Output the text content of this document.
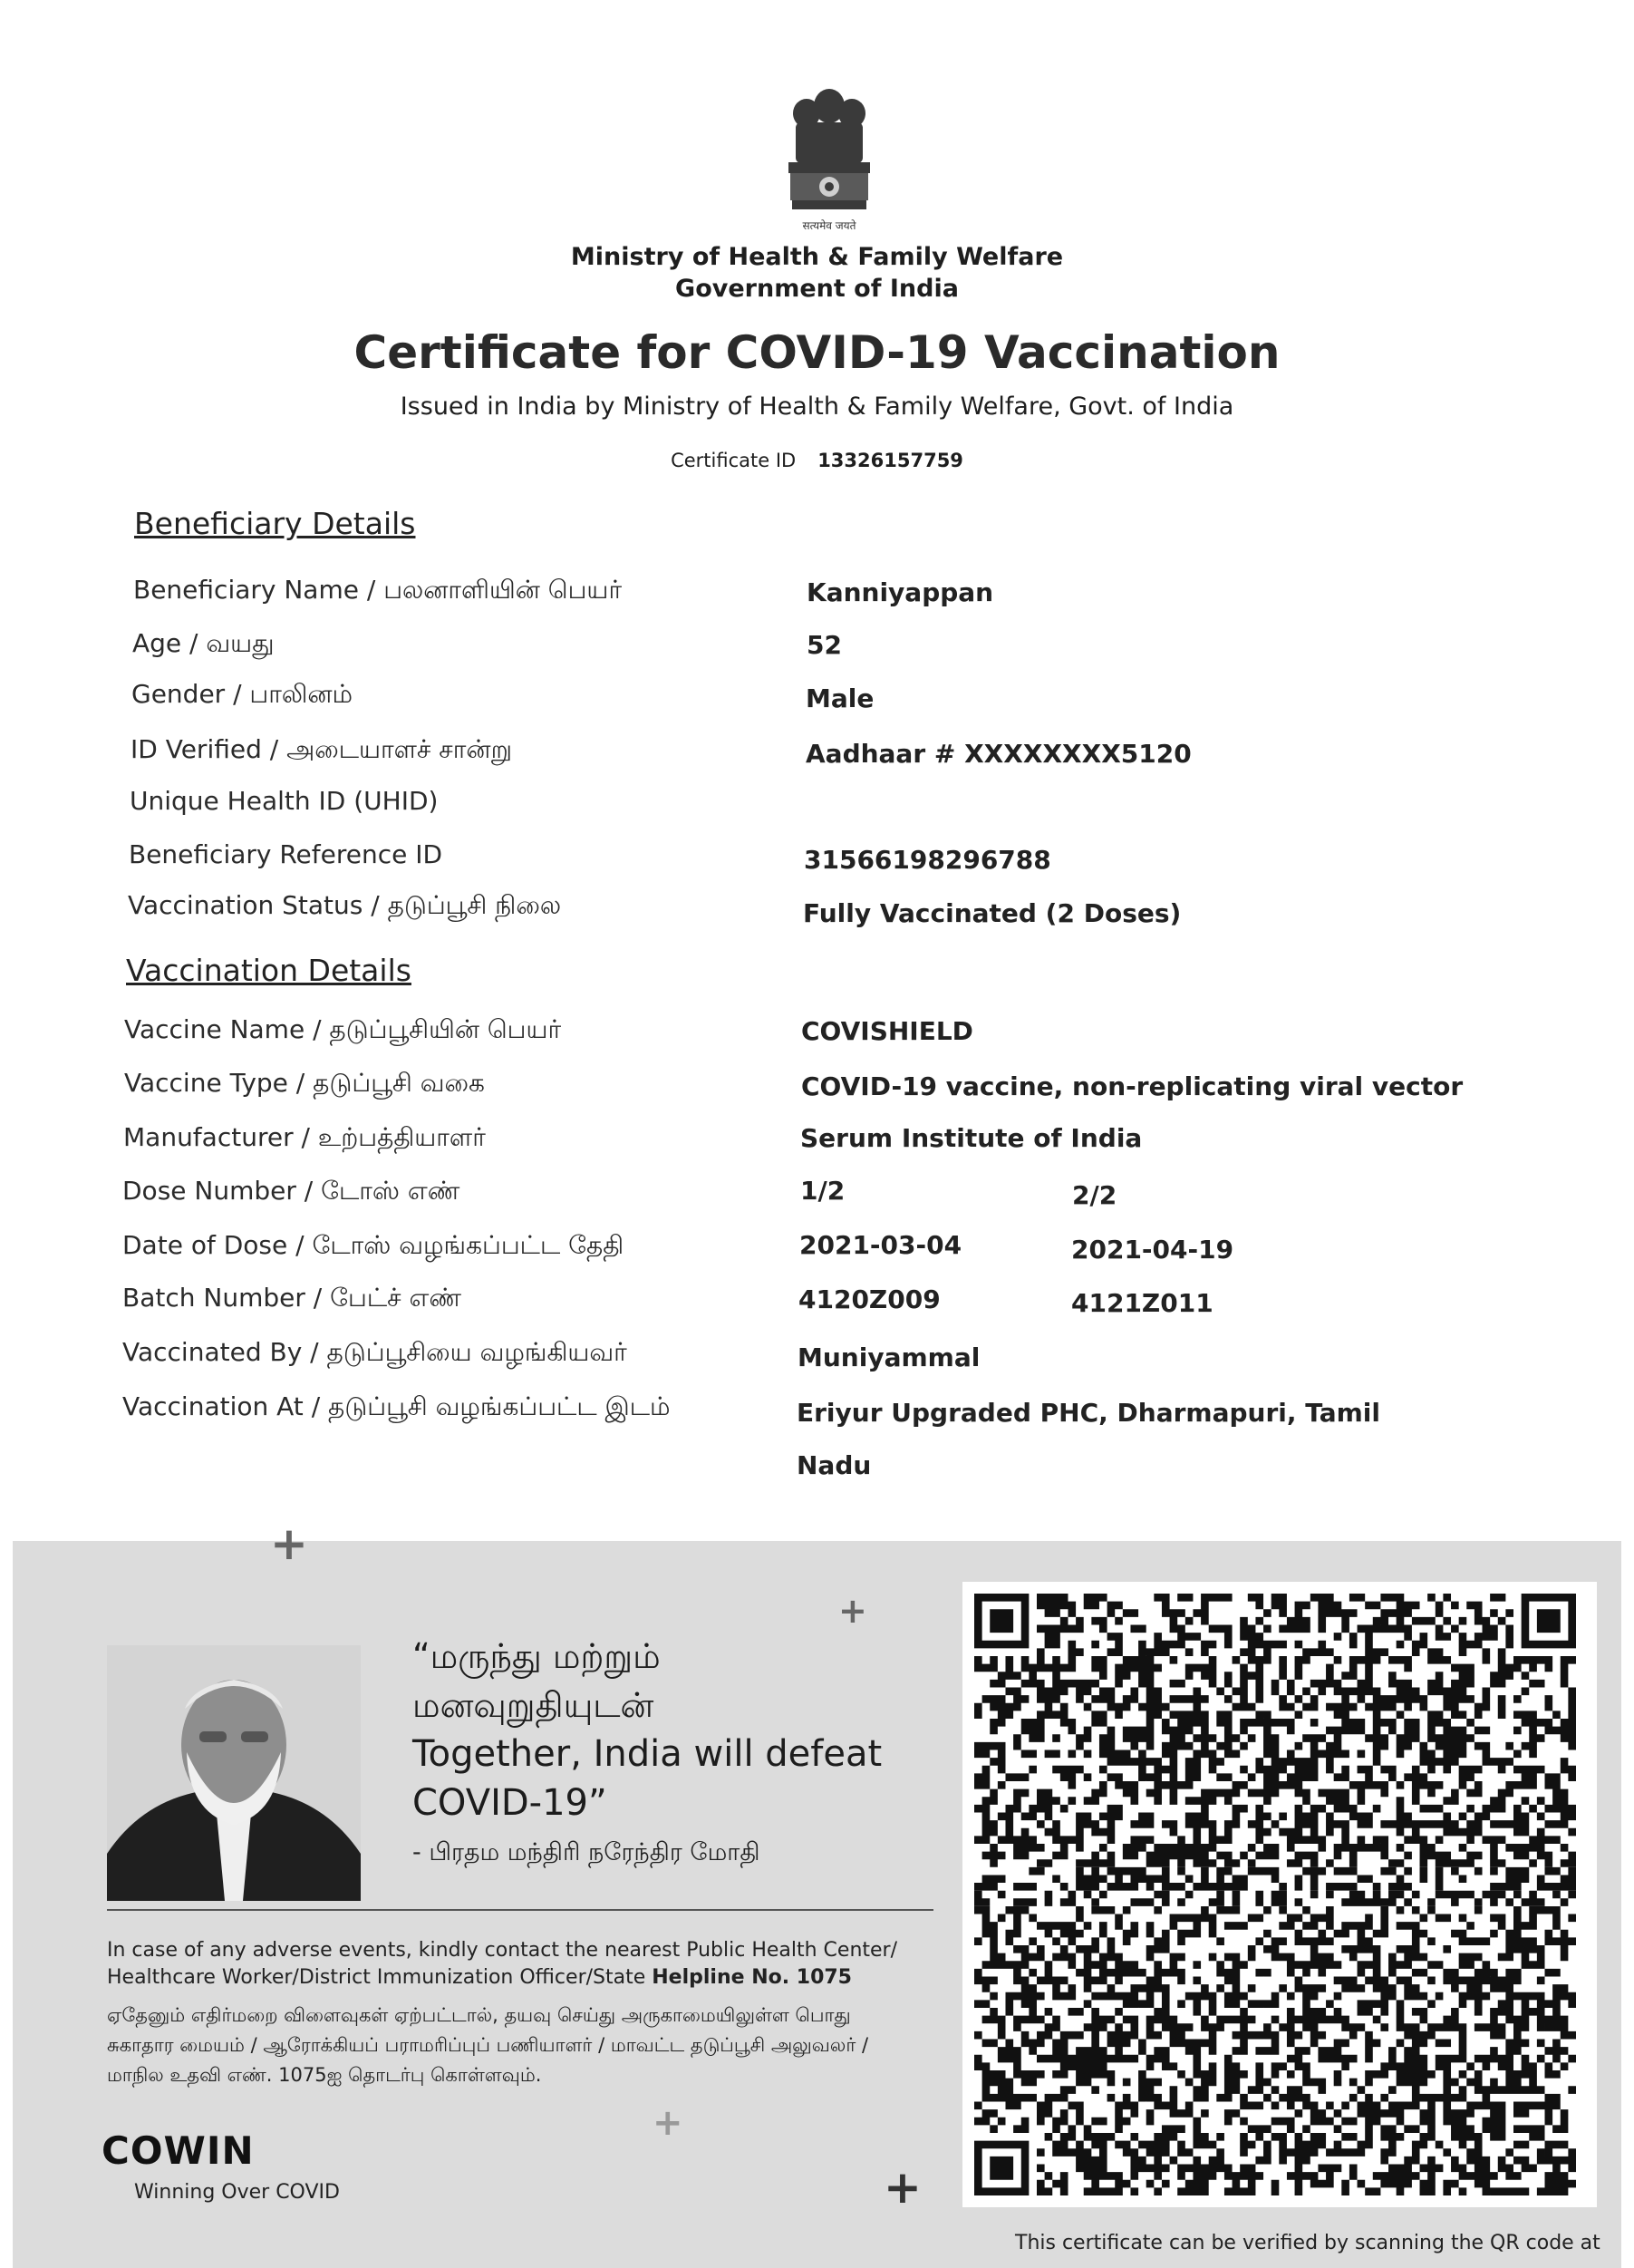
सत्यमेव जयते
Ministry of Health & Family Welfare
Government of India
Certificate for COVID-19 Vaccination
Issued in India by Ministry of Health & Family Welfare, Govt. of India
Certificate ID 13326157759
Beneficiary Details
Beneficiary Name / பலனாளியின் பெயர்	Kanniyappan
Age / வயது	52
Gender / பாலினம்	Male
ID Verified / அடையாளச் சான்று	Aadhaar # XXXXXXXX5120
Unique Health ID (UHID)
Beneficiary Reference ID	31566198296788
Vaccination Status / தடுப்பூசி நிலை	Fully Vaccinated (2 Doses)
Vaccination Details
Vaccine Name / தடுப்பூசியின் பெயர்	COVISHIELD
Vaccine Type / தடுப்பூசி வகை	COVID-19 vaccine, non-replicating viral vector
Manufacturer / உற்பத்தியாளர்	Serum Institute of India
Dose Number / டோஸ் எண்	1/2	2/2
Date of Dose / டோஸ் வழங்கப்பட்ட தேதி	2021-03-04	2021-04-19
Batch Number / பேட்ச் எண்	4120Z009	4121Z011
Vaccinated By / தடுப்பூசியை வழங்கியவர்	Muniyammal
Vaccination At / தடுப்பூசி வழங்கப்பட்ட இடம்	Eriyur Upgraded PHC, Dharmapuri, Tamil
Nadu
+
+
+
+
“மருந்து மற்றும்
மனவுறுதியுடன்
Together, India will defeat
COVID-19”
- பிரதம மந்திரி நரேந்திர மோதி
In case of any adverse events, kindly contact the nearest Public Health Center/
Healthcare Worker/District Immunization Officer/State Helpline No. 1075
ஏதேனும் எதிர்மறை விளைவுகள் ஏற்பட்டால், தயவு செய்து அருகாமையிலுள்ள பொது
சுகாதார மையம் / ஆரோக்கியப் பராமரிப்புப் பணியாளர் / மாவட்ட தடுப்பூசி அலுவலர் /
மாநில உதவி எண். 1075ஐ தொடர்பு கொள்ளவும்.
COWIN
Winning Over COVID
This certificate can be verified by scanning the QR code at
